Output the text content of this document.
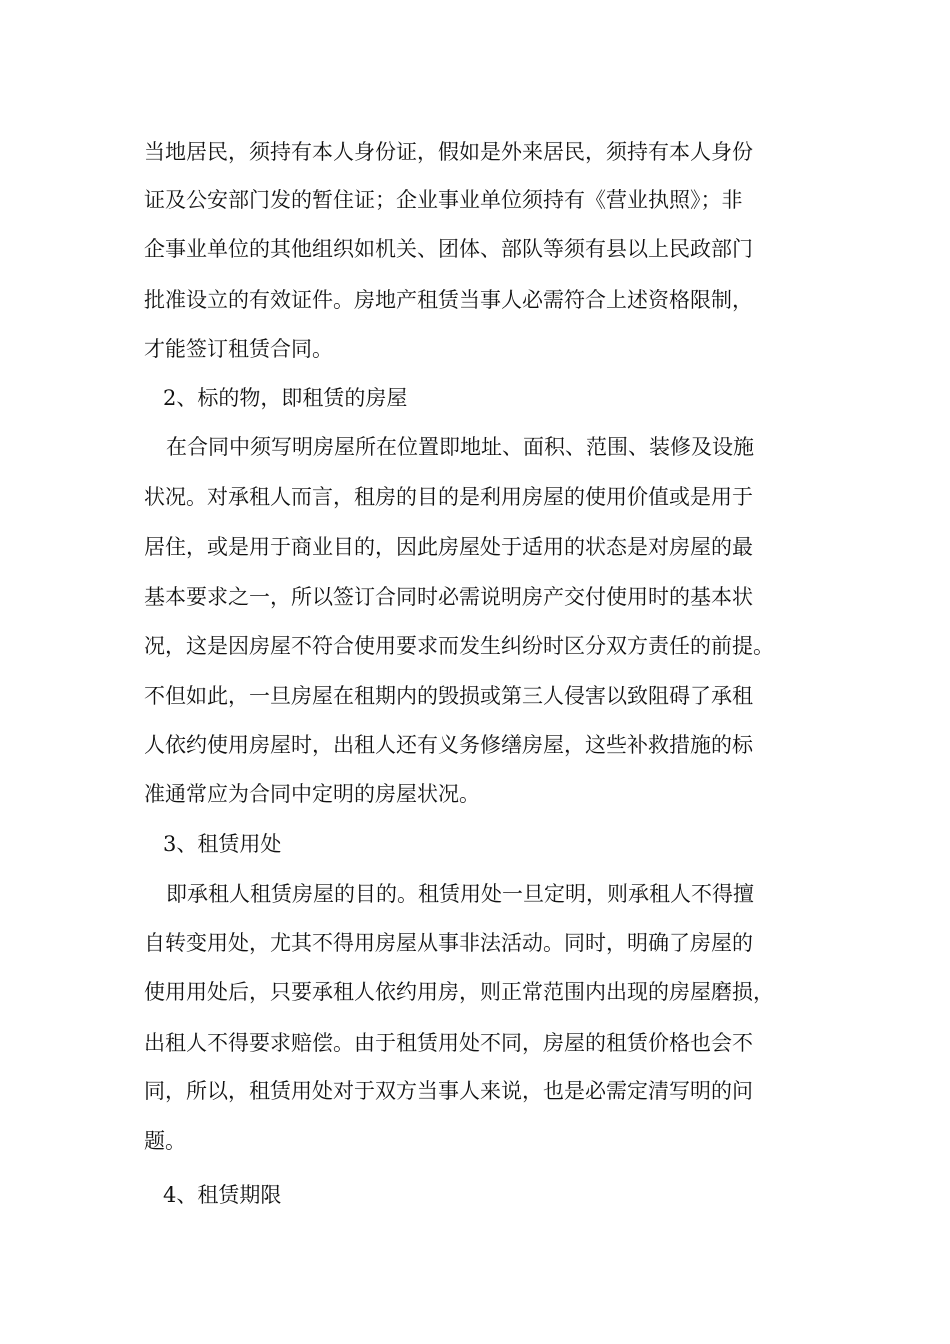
当地居民，须持有本人身份证，假如是外来居民，须持有本人身份
证及公安部门发的暂住证；企业事业单位须持有《营业执照》；非
企事业单位的其他组织如机关、团体、部队等须有县以上民政部门
批准设立的有效证件。房地产租赁当事人必需符合上述资格限制，
才能签订租赁合同。
2、标的物，即租赁的房屋
在合同中须写明房屋所在位置即地址、面积、范围、装修及设施
状况。对承租人而言，租房的目的是利用房屋的使用价值或是用于
居住，或是用于商业目的，因此房屋处于适用的状态是对房屋的最
基本要求之一，所以签订合同时必需说明房产交付使用时的基本状
况，这是因房屋不符合使用要求而发生纠纷时区分双方责任的前提。
不但如此，一旦房屋在租期内的毁损或第三人侵害以致阻碍了承租
人依约使用房屋时，出租人还有义务修缮房屋，这些补救措施的标
准通常应为合同中定明的房屋状况。
3、租赁用处
即承租人租赁房屋的目的。租赁用处一旦定明，则承租人不得擅
自转变用处，尤其不得用房屋从事非法活动。同时，明确了房屋的
使用用处后，只要承租人依约用房，则正常范围内出现的房屋磨损，
出租人不得要求赔偿。由于租赁用处不同，房屋的租赁价格也会不
同，所以，租赁用处对于双方当事人来说，也是必需定清写明的问
题。
4、租赁期限
